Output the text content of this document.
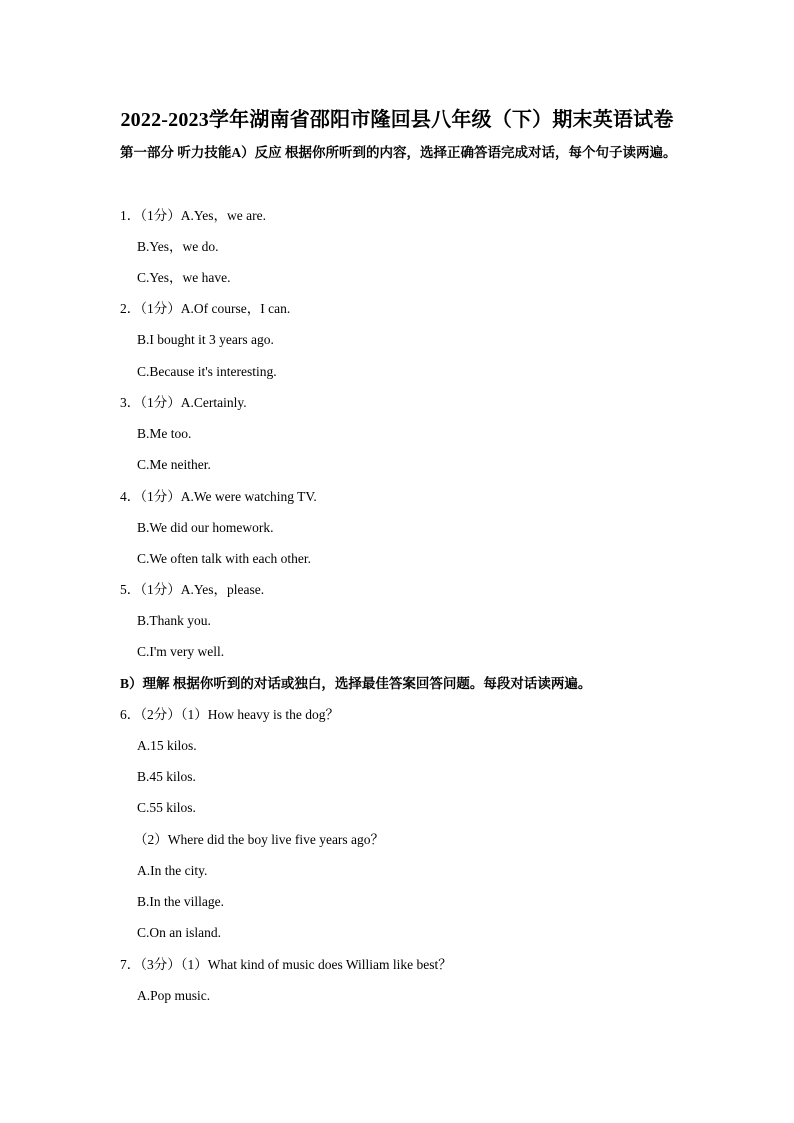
2022-2023学年湖南省邵阳市隆回县八年级（下）期末英语试卷
第一部分 听力技能A）反应 根据你所听到的内容，选择正确答语完成对话，每个句子读两遍。
1．（1分）A.Yes，we are.
B.Yes，we do.
C.Yes，we have.
2．（1分）A.Of course，I can.
B.I bought it 3 years ago.
C.Because it's interesting.
3．（1分）A.Certainly.
B.Me too.
C.Me neither.
4．（1分）A.We were watching TV.
B.We did our homework.
C.We often talk with each other.
5．（1分）A.Yes，please.
B.Thank you.
C.I'm very well.
B）理解 根据你听到的对话或独白，选择最佳答案回答问题。每段对话读两遍。
6．（2分）（1）How heavy is the dog？
A.15 kilos.
B.45 kilos.
C.55 kilos.
（2）Where did the boy live five years ago？
A.In the city.
B.In the village.
C.On an island.
7．（3分）（1）What kind of music does William like best？
A.Pop music.
